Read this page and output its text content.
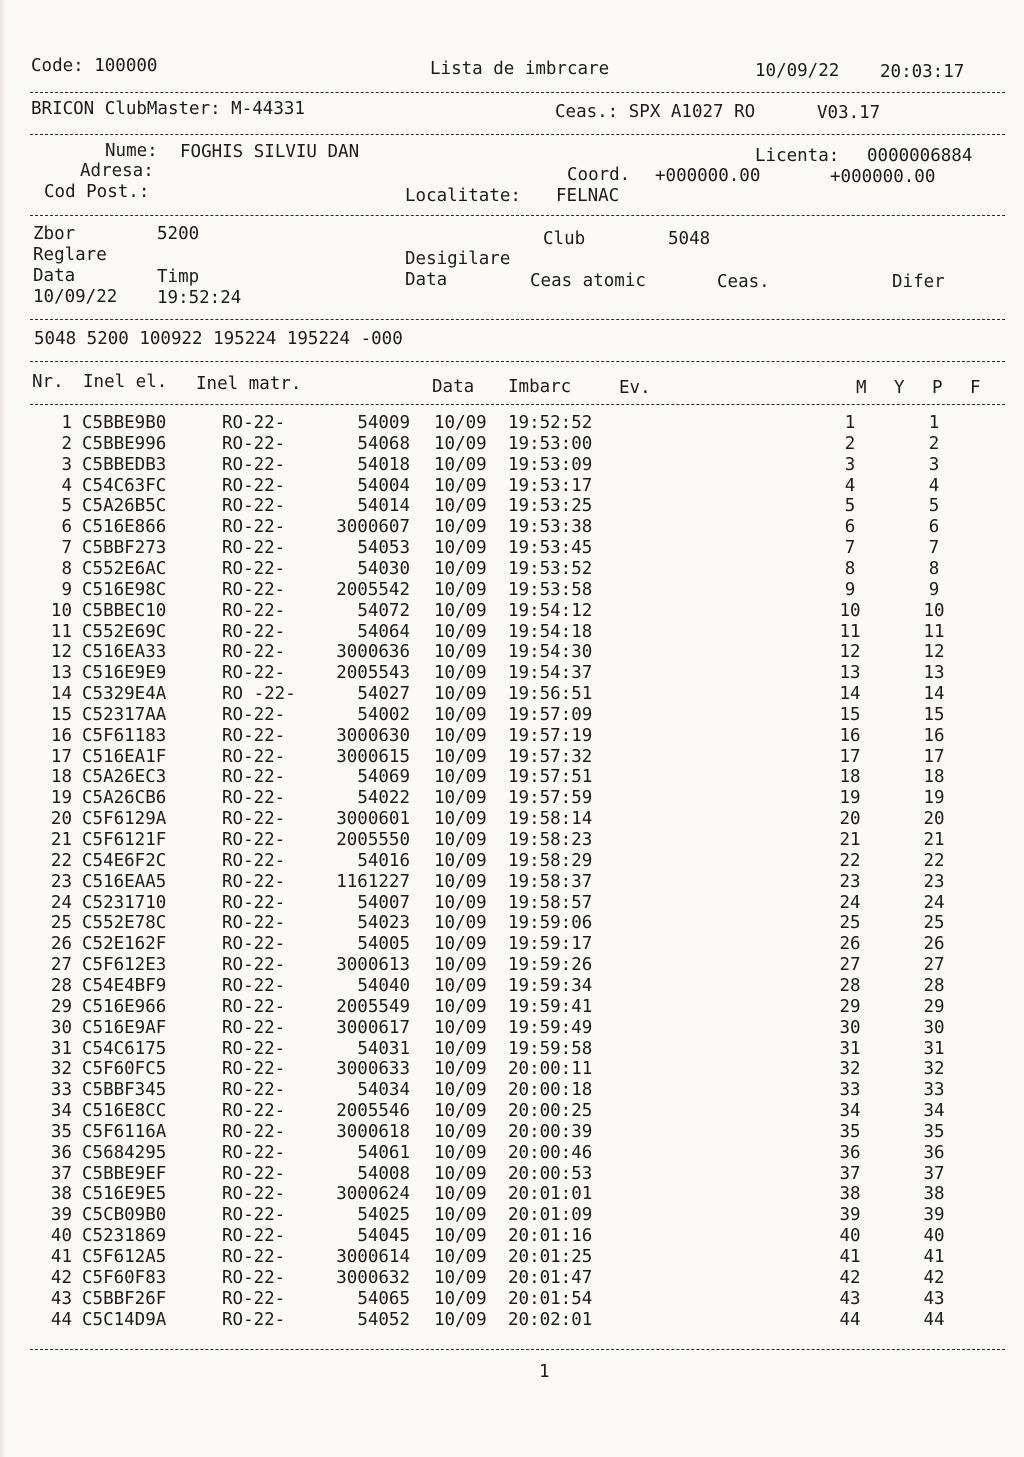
Code: 100000	Lista de imbrcare	10/09/22 20:03:17
BRICON ClubMaster: M-44331	Ceas.: SPX A1027 RO	V03.17
Nume: FOGHIS SILVIU DAN	Licenta: 0000006884
Adresa:	Coord. +000000.00	+000000.00
Cod Post.:	Localitate: FELNAC
Zbor	5200	Club	5048
Reglare	Desigilare
Data	Timp	Data	Ceas atomic	Ceas.	Difer
10/09/22 19:52:24
5048 5200 100922 195224 195224 -000
Nr. Inel el. Inel matr.	Data Imbarc	Ev.	M Y P F
1 C5BBE9B0	RO-22-	54009 10/09 19:52:52	1	1
2 C5BBE996	RO-22-	54068 10/09 19:53:00	2	2
3 C5BBEDB3	RO-22-	54018 10/09 19:53:09	3	3
4 C54C63FC	RO-22-	54004 10/09 19:53:17	4	4
5 C5A26B5C	RO-22-	54014 10/09 19:53:25	5	5
6 C516E866	RO-22-	3000607 10/09 19:53:38	6	6
7 C5BBF273	RO-22-	54053 10/09 19:53:45	7	7
8 C552E6AC	RO-22-	54030 10/09 19:53:52	8	8
9 C516E98C	RO-22-	2005542 10/09 19:53:58	9	9
10 C5BBEC10	RO-22-	54072 10/09 19:54:12	10	10
11 C552E69C	RO-22-	54064 10/09 19:54:18	11	11
12 C516EA33	RO-22-	3000636 10/09 19:54:30	12	12
13 C516E9E9	RO-22-	2005543 10/09 19:54:37	13	13
14 C5329E4A	RO -22-	54027 10/09 19:56:51	14	14
15 C52317AA	RO-22-	54002 10/09 19:57:09	15	15
16 C5F61183	RO-22-	3000630 10/09 19:57:19	16	16
17 C516EA1F	RO-22-	3000615 10/09 19:57:32	17	17
18 C5A26EC3	RO-22-	54069 10/09 19:57:51	18	18
19 C5A26CB6	RO-22-	54022 10/09 19:57:59	19	19
20 C5F6129A	RO-22-	3000601 10/09 19:58:14	20	20
21 C5F6121F	RO-22-	2005550 10/09 19:58:23	21	21
22 C54E6F2C	RO-22-	54016 10/09 19:58:29	22	22
23 C516EAA5	RO-22-	1161227 10/09 19:58:37	23	23
24 C5231710	RO-22-	54007 10/09 19:58:57	24	24
25 C552E78C	RO-22-	54023 10/09 19:59:06	25	25
26 C52E162F	RO-22-	54005 10/09 19:59:17	26	26
27 C5F612E3	RO-22-	3000613 10/09 19:59:26	27	27
28 C54E4BF9	RO-22-	54040 10/09 19:59:34	28	28
29 C516E966	RO-22-	2005549 10/09 19:59:41	29	29
30 C516E9AF	RO-22-	3000617 10/09 19:59:49	30	30
31 C54C6175	RO-22-	54031 10/09 19:59:58	31	31
32 C5F60FC5	RO-22-	3000633 10/09 20:00:11	32	32
33 C5BBF345	RO-22-	54034 10/09 20:00:18	33	33
34 C516E8CC	RO-22-	2005546 10/09 20:00:25	34	34
35 C5F6116A	RO-22-	3000618 10/09 20:00:39	35	35
36 C5684295	RO-22-	54061 10/09 20:00:46	36	36
37 C5BBE9EF	RO-22-	54008 10/09 20:00:53	37	37
38 C516E9E5	RO-22-	3000624 10/09 20:01:01	38	38
39 C5CB09B0	RO-22-	54025 10/09 20:01:09	39	39
40 C5231869	RO-22-	54045 10/09 20:01:16	40	40
41 C5F612A5	RO-22-	3000614 10/09 20:01:25	41	41
42 C5F60F83	RO-22-	3000632 10/09 20:01:47	42	42
43 C5BBF26F	RO-22-	54065 10/09 20:01:54	43	43
44 C5C14D9A	RO-22-	54052 10/09 20:02:01	44	44
1
